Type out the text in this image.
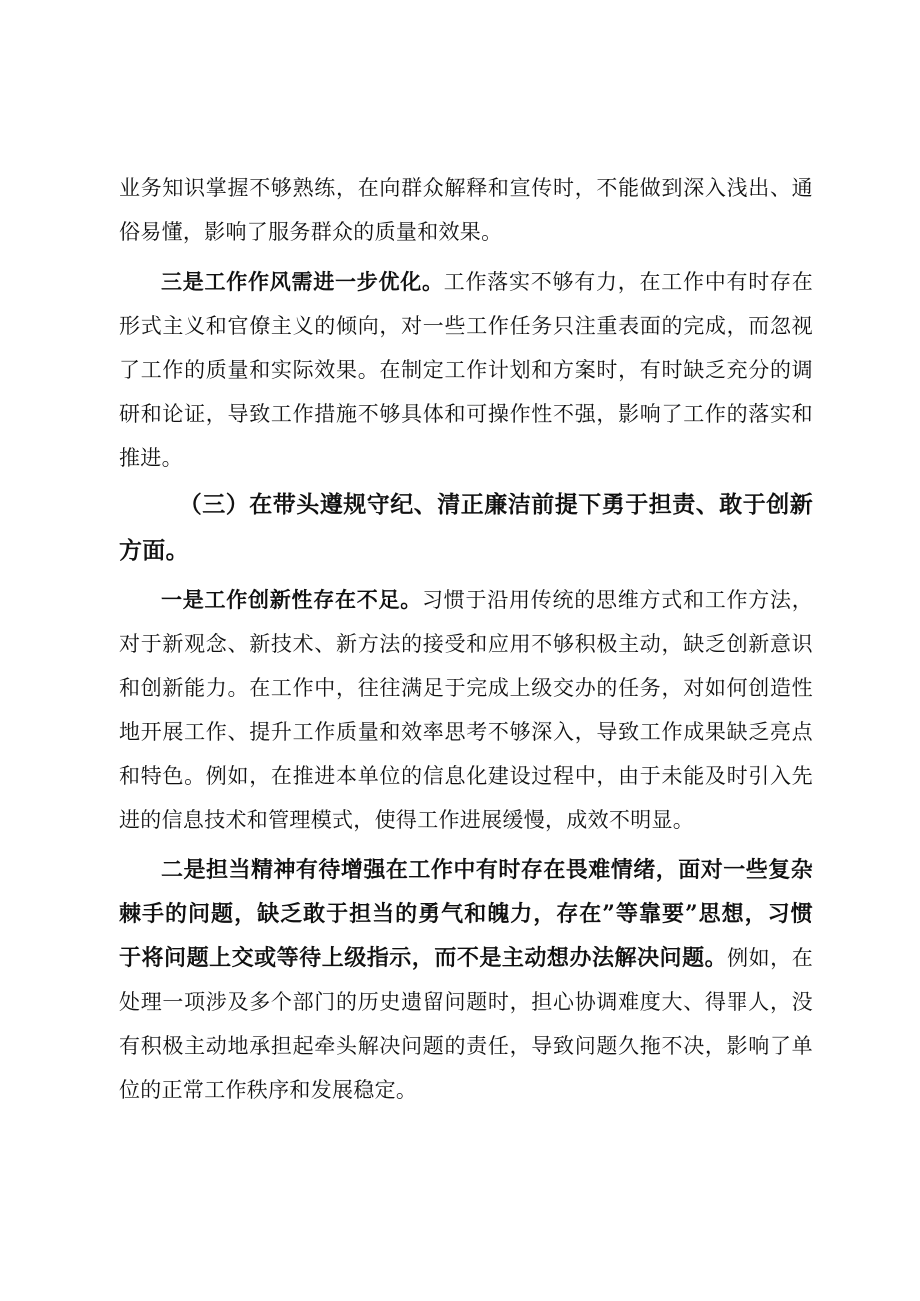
业务知识掌握不够熟练，在向群众解释和宣传时，不能做到深入浅出、通俗易懂，影响了服务群众的质量和效果。

三是工作作风需进一步优化。工作落实不够有力，在工作中有时存在形式主义和官僚主义的倾向，对一些工作任务只注重表面的完成，而忽视了工作的质量和实际效果。在制定工作计划和方案时，有时缺乏充分的调研和论证，导致工作措施不够具体和可操作性不强，影响了工作的落实和推进。

（三）在带头遵规守纪、清正廉洁前提下勇于担责、敢于创新方面。

一是工作创新性存在不足。习惯于沿用传统的思维方式和工作方法，对于新观念、新技术、新方法的接受和应用不够积极主动，缺乏创新意识和创新能力。在工作中，往往满足于完成上级交办的任务，对如何创造性地开展工作、提升工作质量和效率思考不够深入，导致工作成果缺乏亮点和特色。例如，在推进本单位的信息化建设过程中，由于未能及时引入先进的信息技术和管理模式，使得工作进展缓慢，成效不明显。

二是担当精神有待增强在工作中有时存在畏难情绪，面对一些复杂棘手的问题，缺乏敢于担当的勇气和魄力，存在”等靠要”思想，习惯于将问题上交或等待上级指示，而不是主动想办法解决问题。例如，在处理一项涉及多个部门的历史遗留问题时，担心协调难度大、得罪人，没有积极主动地承担起牵头解决问题的责任，导致问题久拖不决，影响了单位的正常工作秩序和发展稳定。
